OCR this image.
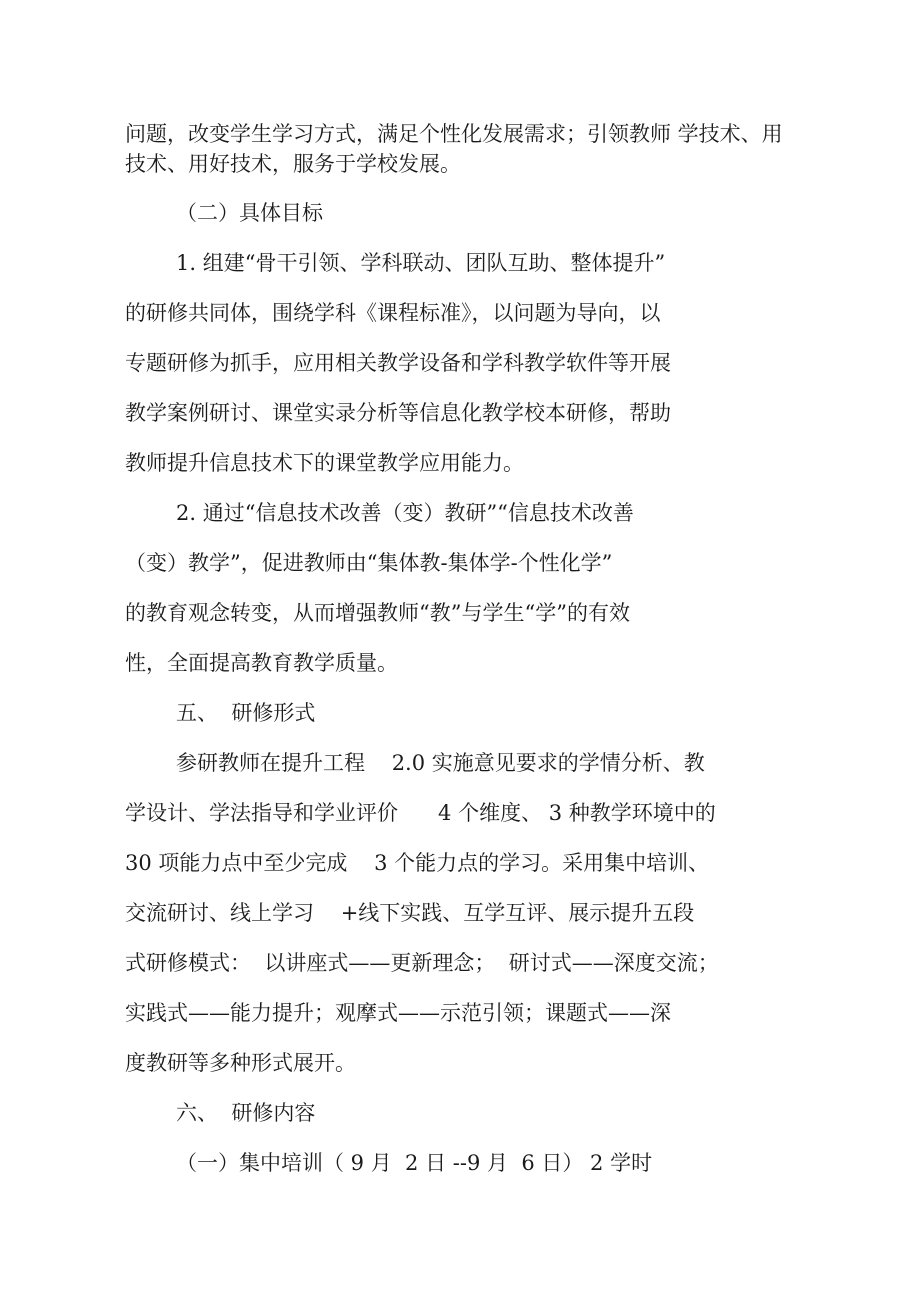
问题，改变学生学习方式，满足个性化发展需求；引领教师 学技术、用

技术、用好技术，服务于学校发展。

（二）具体目标

1. 组建“骨干引领、学科联动、团队互助、整体提升”

的研修共同体，围绕学科《课程标准》，以问题为导向，以

专题研修为抓手，应用相关教学设备和学科教学软件等开展

教学案例研讨、课堂实录分析等信息化教学校本研修，帮助

教师提升信息技术下的课堂教学应用能力。

2. 通过“信息技术改善（变）教研”“信息技术改善

（变）教学”，促进教师由“集体教-集体学-个性化学”

的教育观念转变，从而增强教师“教”与学生“学”的有效

性，全面提高教育教学质量。

五、  研修形式

参研教师在提升工程    2.0 实施意见要求的学情分析、教

学设计、学法指导和学业评价      4 个维度、 3 种教学环境中的

30 项能力点中至少完成    3 个能力点的学习。采用集中培训、

交流研讨、线上学习    +线下实践、互学互评、展示提升五段

式研修模式：  以讲座式——更新理念；  研讨式——深度交流；

实践式——能力提升；观摩式——示范引领；课题式——深

度教研等多种形式展开。

六、  研修内容

（一）集中培训（ 9 月  2 日 --9 月  6 日） 2 学时
